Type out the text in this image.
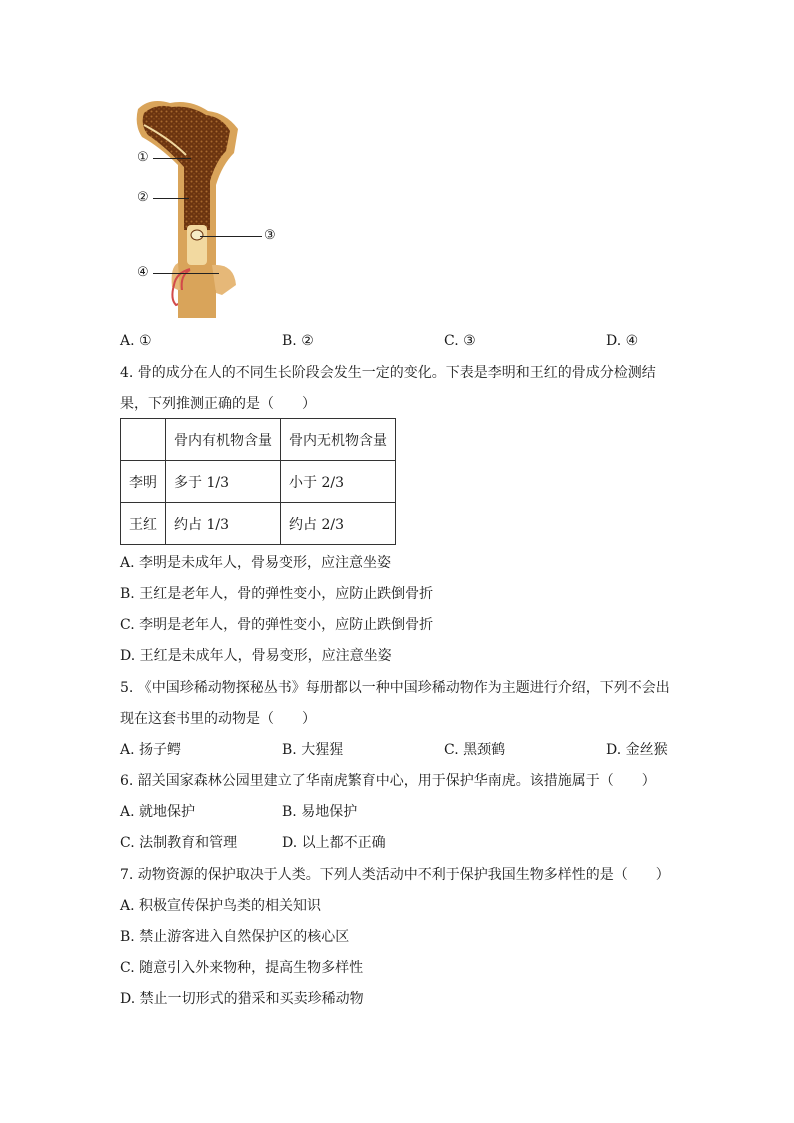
①
②
③
④
A. ①	B. ②	C. ③	D. ④
4. 骨的成分在人的不同生长阶段会发生一定的变化。下表是李明和王红的骨成分检测结
果，下列推测正确的是（　　）
	骨内有机物含量	骨内无机物含量
李明	多于 1/3	小于 2/3
王红	约占 1/3	约占 2/3
A. 李明是未成年人，骨易变形，应注意坐姿
B. 王红是老年人，骨的弹性变小，应防止跌倒骨折
C. 李明是老年人，骨的弹性变小，应防止跌倒骨折
D. 王红是未成年人，骨易变形，应注意坐姿
5. 《中国珍稀动物探秘丛书》每册都以一种中国珍稀动物作为主题进行介绍，下列不会出
现在这套书里的动物是（　　）
A. 扬子鳄	B. 大猩猩	C. 黑颈鹤	D. 金丝猴
6. 韶关国家森林公园里建立了华南虎繁育中心，用于保护华南虎。该措施属于（　　）
A. 就地保护	B. 易地保护
C. 法制教育和管理	D. 以上都不正确
7. 动物资源的保护取决于人类。下列人类活动中不利于保护我国生物多样性的是（　　）
A. 积极宣传保护鸟类的相关知识
B. 禁止游客进入自然保护区的核心区
C. 随意引入外来物种，提高生物多样性
D. 禁止一切形式的猎采和买卖珍稀动物
